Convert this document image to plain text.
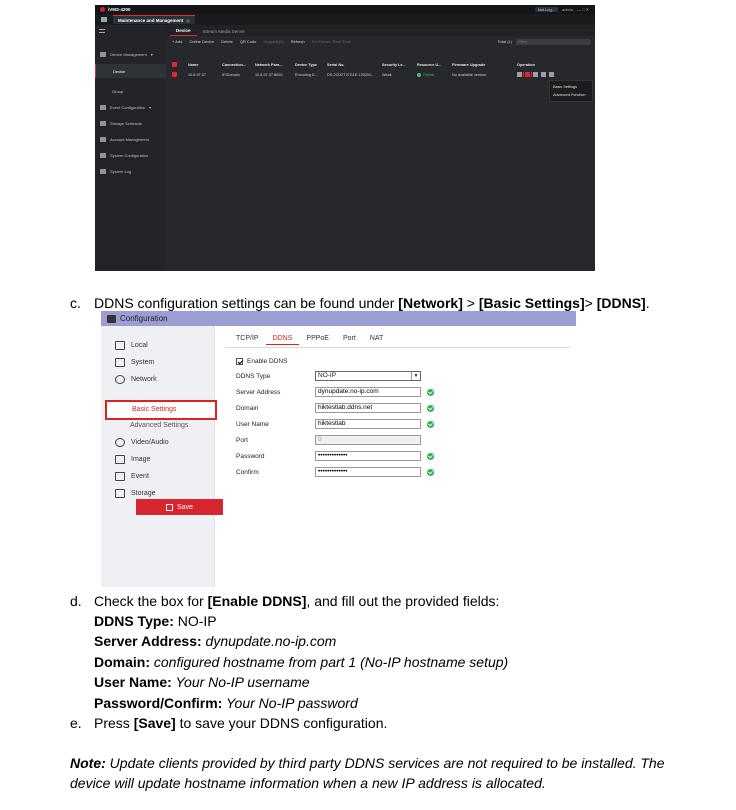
iVMS-4200	Not Log...	admin — □ ✕
Maintenance and Management
Device Management ▾
Device
Group
Event Configuration ▾
Storage Schedule
Account Management
System Configuration
System Log
Device	Stream Media Server
+ Add Online Device Delete QR Code Upgrade(0) Refresh Set Device Time Zone	Total (1)	Filter
Name	Connection...	Network Para...	Device Type	Serial No.	Security Le...	Resource U...	Firmware Upgrade	Operation
10.6.97.37	IP/Domain	10.6.97.37:8000	Encoding D...	DS-2CD2T27G1E-L20200...	Weak	Online	No available version
Basic Settings
Advanced Function
c. DDNS configuration settings can be found under [Network] > [Basic Settings]> [DDNS].
Configuration
Local
System
Network
Basic Settings
Advanced Settings
Video/Audio
Image
Event
Storage
TCP/IP	DDNS	PPPoE	Port	NAT
Enable DDNS
DDNS Type	NO-IP	▼
Server Address	dynupdate.no-ip.com
Domain	hiktestlab.ddns.net
User Name	hiktestlab
Port	0
Password	•••••••••••••
Confirm	•••••••••••••
Save
d. Check the box for [Enable DDNS], and fill out the provided fields:
DDNS Type: NO-IP
Server Address: dynupdate.no-ip.com
Domain: configured hostname from part 1 (No-IP hostname setup)
User Name: Your No-IP username
Password/Confirm: Your No-IP password
e. Press [Save] to save your DDNS configuration.
Note: Update clients provided by third party DDNS services are not required to be installed. The device will update hostname information when a new IP address is allocated.
